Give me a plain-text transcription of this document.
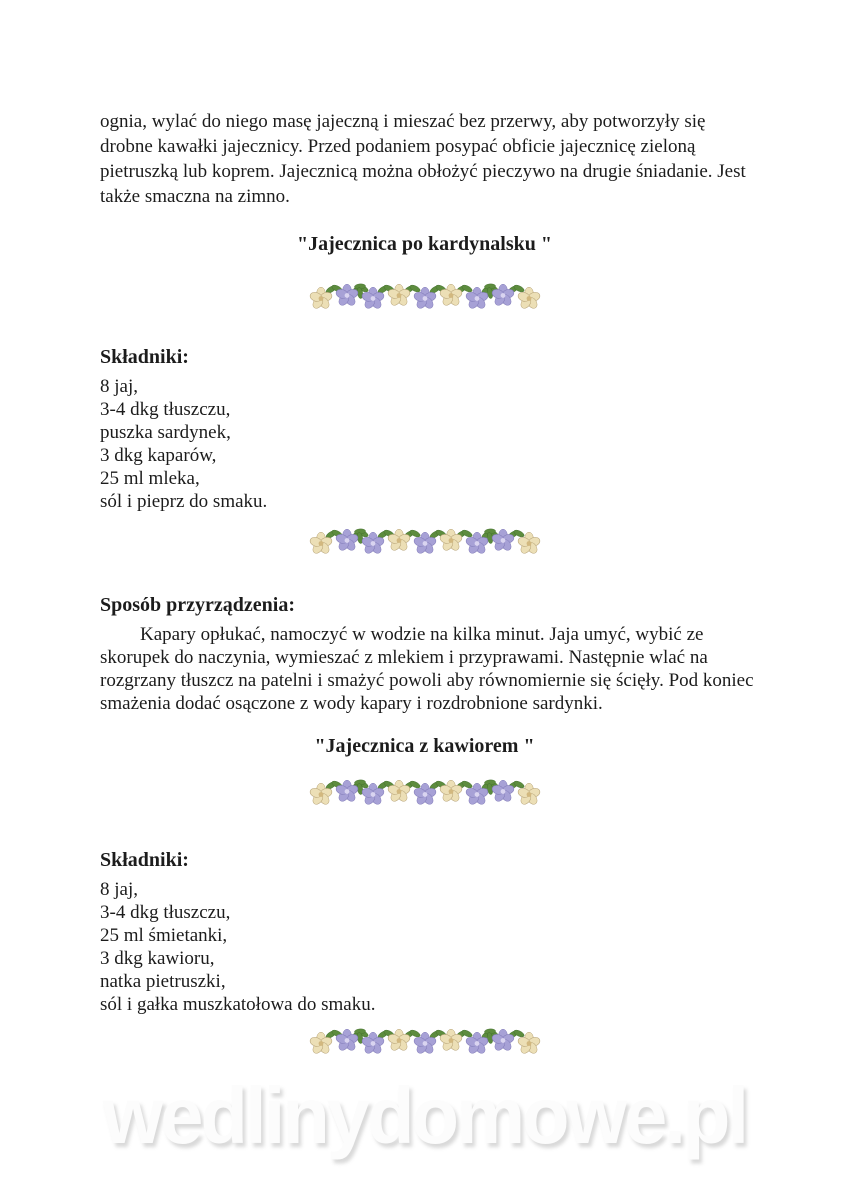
ognia, wylać do niego masę jajeczną i mieszać bez przerwy, aby potworzyły się drobne kawałki jajecznicy. Przed podaniem posypać obficie jajecznicę zieloną pietruszką lub koprem. Jajecznicą można obłożyć pieczywo na drugie śniadanie. Jest także smaczna na zimno.

"Jajecznica po kardynalsku "
Składniki:
8 jaj,
3-4 dkg tłuszczu,
puszka sardynek,
3 dkg kaparów,
25 ml mleka,
sól i pieprz do smaku.
Sposób przyrządzenia:

Kapary opłukać, namoczyć w wodzie na kilka minut. Jaja umyć, wybić ze skorupek do naczynia, wymieszać z mlekiem i przyprawami. Następnie wlać na rozgrzany tłuszcz na patelni i smażyć powoli aby równomiernie się ścięły. Pod koniec smażenia dodać osączone z wody kapary i rozdrobnione sardynki.

"Jajecznica z kawiorem "
Składniki:
8 jaj,
3-4 dkg tłuszczu,
25 ml śmietanki,
3 dkg kawioru,
natka pietruszki,
sól i gałka muszkatołowa do smaku.
wedlinydomowe.pl
